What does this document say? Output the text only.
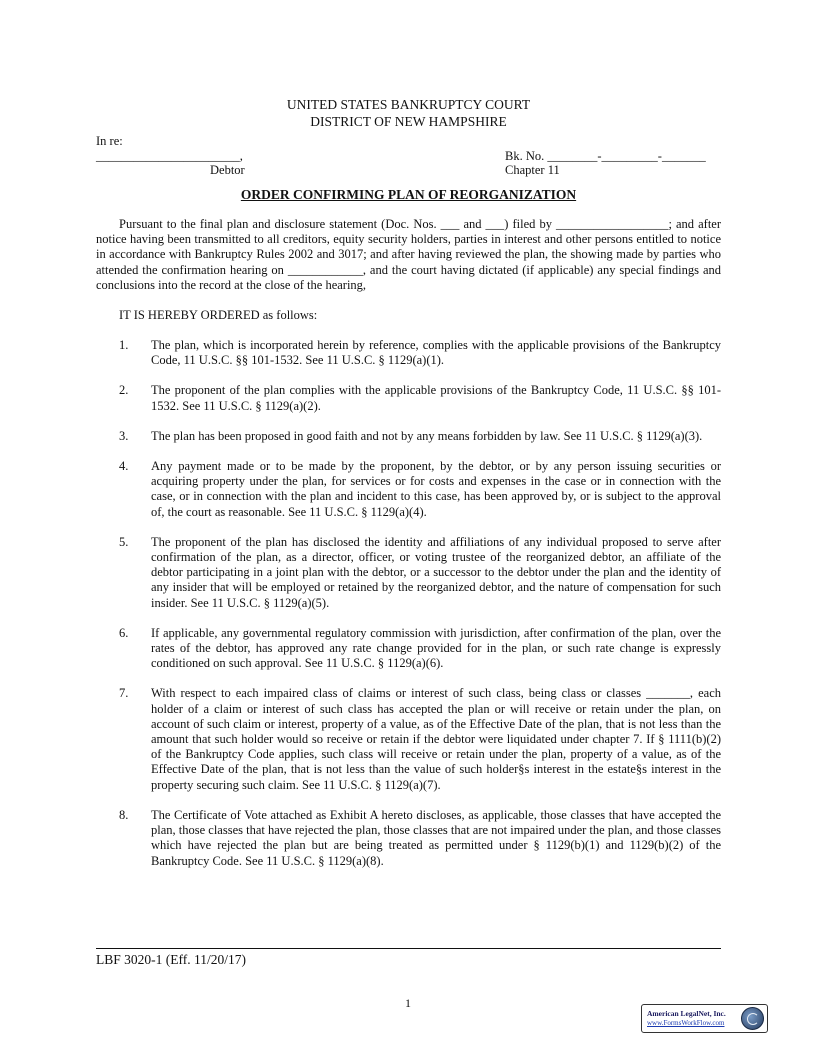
UNITED STATES BANKRUPTCY COURT
DISTRICT OF NEW HAMPSHIRE
In re:
_______________________,
Debtor
Bk. No. ________-_________-_______
Chapter 11
ORDER CONFIRMING PLAN OF REORGANIZATION
Pursuant to the final plan and disclosure statement (Doc. Nos. ___ and ___) filed by __________________; and after notice having been transmitted to all creditors, equity security holders, parties in interest and other persons entitled to notice in accordance with Bankruptcy Rules 2002 and 3017; and after having reviewed the plan, the showing made by parties who attended the confirmation hearing on ____________, and the court having dictated (if applicable) any special findings and conclusions into the record at the close of the hearing,
IT IS HEREBY ORDERED as follows:
1. The plan, which is incorporated herein by reference, complies with the applicable provisions of the Bankruptcy Code, 11 U.S.C. §§ 101-1532. See 11 U.S.C. § 1129(a)(1).
2. The proponent of the plan complies with the applicable provisions of the Bankruptcy Code, 11 U.S.C. §§ 101-1532. See 11 U.S.C. § 1129(a)(2).
3. The plan has been proposed in good faith and not by any means forbidden by law. See 11 U.S.C. § 1129(a)(3).
4. Any payment made or to be made by the proponent, by the debtor, or by any person issuing securities or acquiring property under the plan, for services or for costs and expenses in the case or in connection with the case, or in connection with the plan and incident to this case, has been approved by, or is subject to the approval of, the court as reasonable. See 11 U.S.C. § 1129(a)(4).
5. The proponent of the plan has disclosed the identity and affiliations of any individual proposed to serve after confirmation of the plan, as a director, officer, or voting trustee of the reorganized debtor, an affiliate of the debtor participating in a joint plan with the debtor, or a successor to the debtor under the plan and the identity of any insider that will be employed or retained by the reorganized debtor, and the nature of compensation for such insider. See 11 U.S.C. § 1129(a)(5).
6. If applicable, any governmental regulatory commission with jurisdiction, after confirmation of the plan, over the rates of the debtor, has approved any rate change provided for in the plan, or such rate change is expressly conditioned on such approval. See 11 U.S.C. § 1129(a)(6).
7. With respect to each impaired class of claims or interest of such class, being class or classes _______, each holder of a claim or interest of such class has accepted the plan or will receive or retain under the plan, on account of such claim or interest, property of a value, as of the Effective Date of the plan, that is not less than the amount that such holder would so receive or retain if the debtor were liquidated under chapter 7. If § 1111(b)(2) of the Bankruptcy Code applies, such class will receive or retain under the plan, property of a value, as of the Effective Date of the plan, that is not less than the value of such holder§s interest in the estate§s interest in the property securing such claim. See 11 U.S.C. § 1129(a)(7).
8. The Certificate of Vote attached as Exhibit A hereto discloses, as applicable, those classes that have accepted the plan, those classes that have rejected the plan, those classes that are not impaired under the plan, and those classes which have rejected the plan but are being treated as permitted under § 1129(b)(1) and 1129(b)(2) of the Bankruptcy Code. See 11 U.S.C. § 1129(a)(8).
LBF 3020-1 (Eff. 11/20/17)
1
American LegalNet, Inc.
www.FormsWorkFlow.com
